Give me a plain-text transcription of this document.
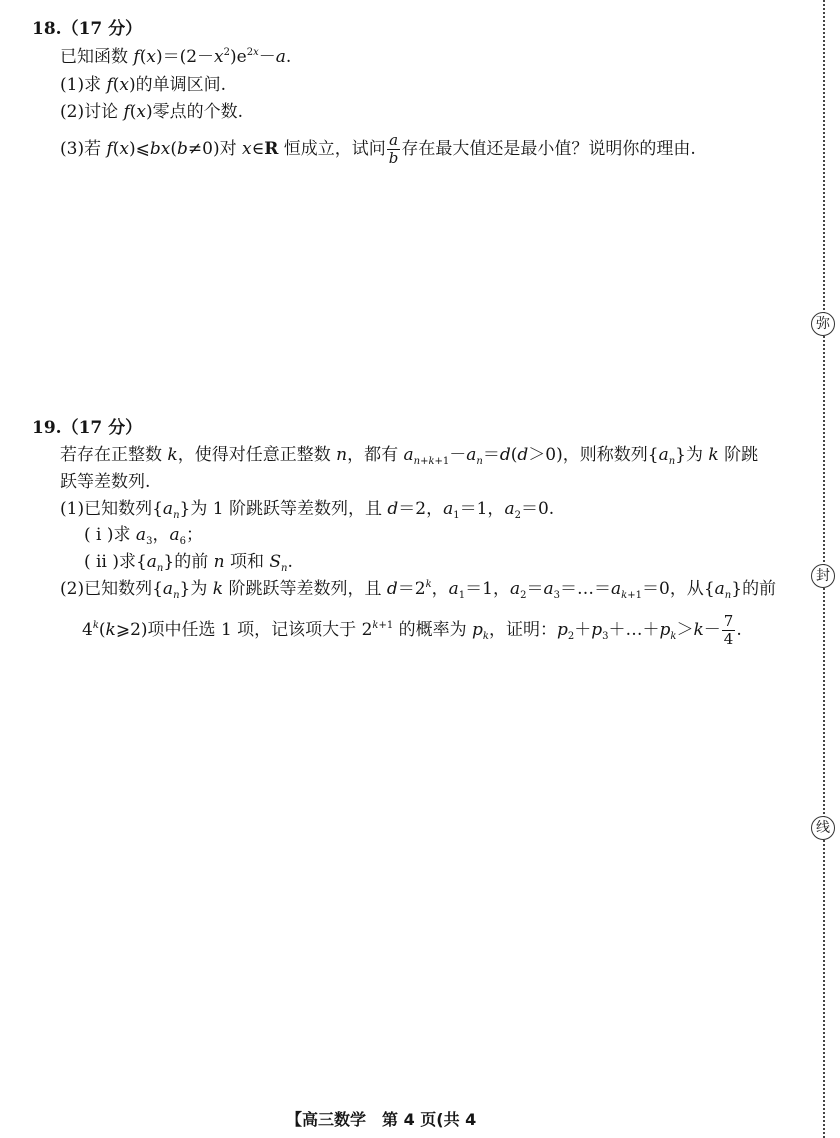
18.（17 分）
已知函数 $f(x)=(2-x^2)e^{2x}-a$.
(1)求 f(x)的单调区间.
(2)讨论 f(x)零点的个数.
(3)若 f(x)⩽bx(b≠0)对 x∈R 恒成立，试问 $\frac{a}{b}$ 存在最大值还是最小值？说明你的理由.
19.（17 分）
若存在正整数 k，使得对任意正整数 n，都有 $a_{n+k+1}-a_n=d(d>0)$，则称数列$\{a_n\}$为 k 阶跳
跃等差数列.
(1)已知数列$\{a_n\}$为 1 阶跳跃等差数列，且 d＝2，$a_1=1$，$a_2=0$.
( ⅰ )求 $a_3$，$a_6$；
( ⅱ )求$\{a_n\}$的前 n 项和 $S_n$.
(2)已知数列$\{a_n\}$为 k 阶跳跃等差数列，且 $d=2^k$，$a_1=1$，$a_2=a_3=\dots=a_{k+1}=0$，从$\{a_n\}$的前
4$^k$(k⩾2)项中任选 1 项，记该项大于 $2^{k+1}$ 的概率为 $p_k$，证明：$p_2+p_3+\dots+p_k>k- \frac{7}{4}$ .
弥
封
线
【高三数学　第 4 页(共 4
